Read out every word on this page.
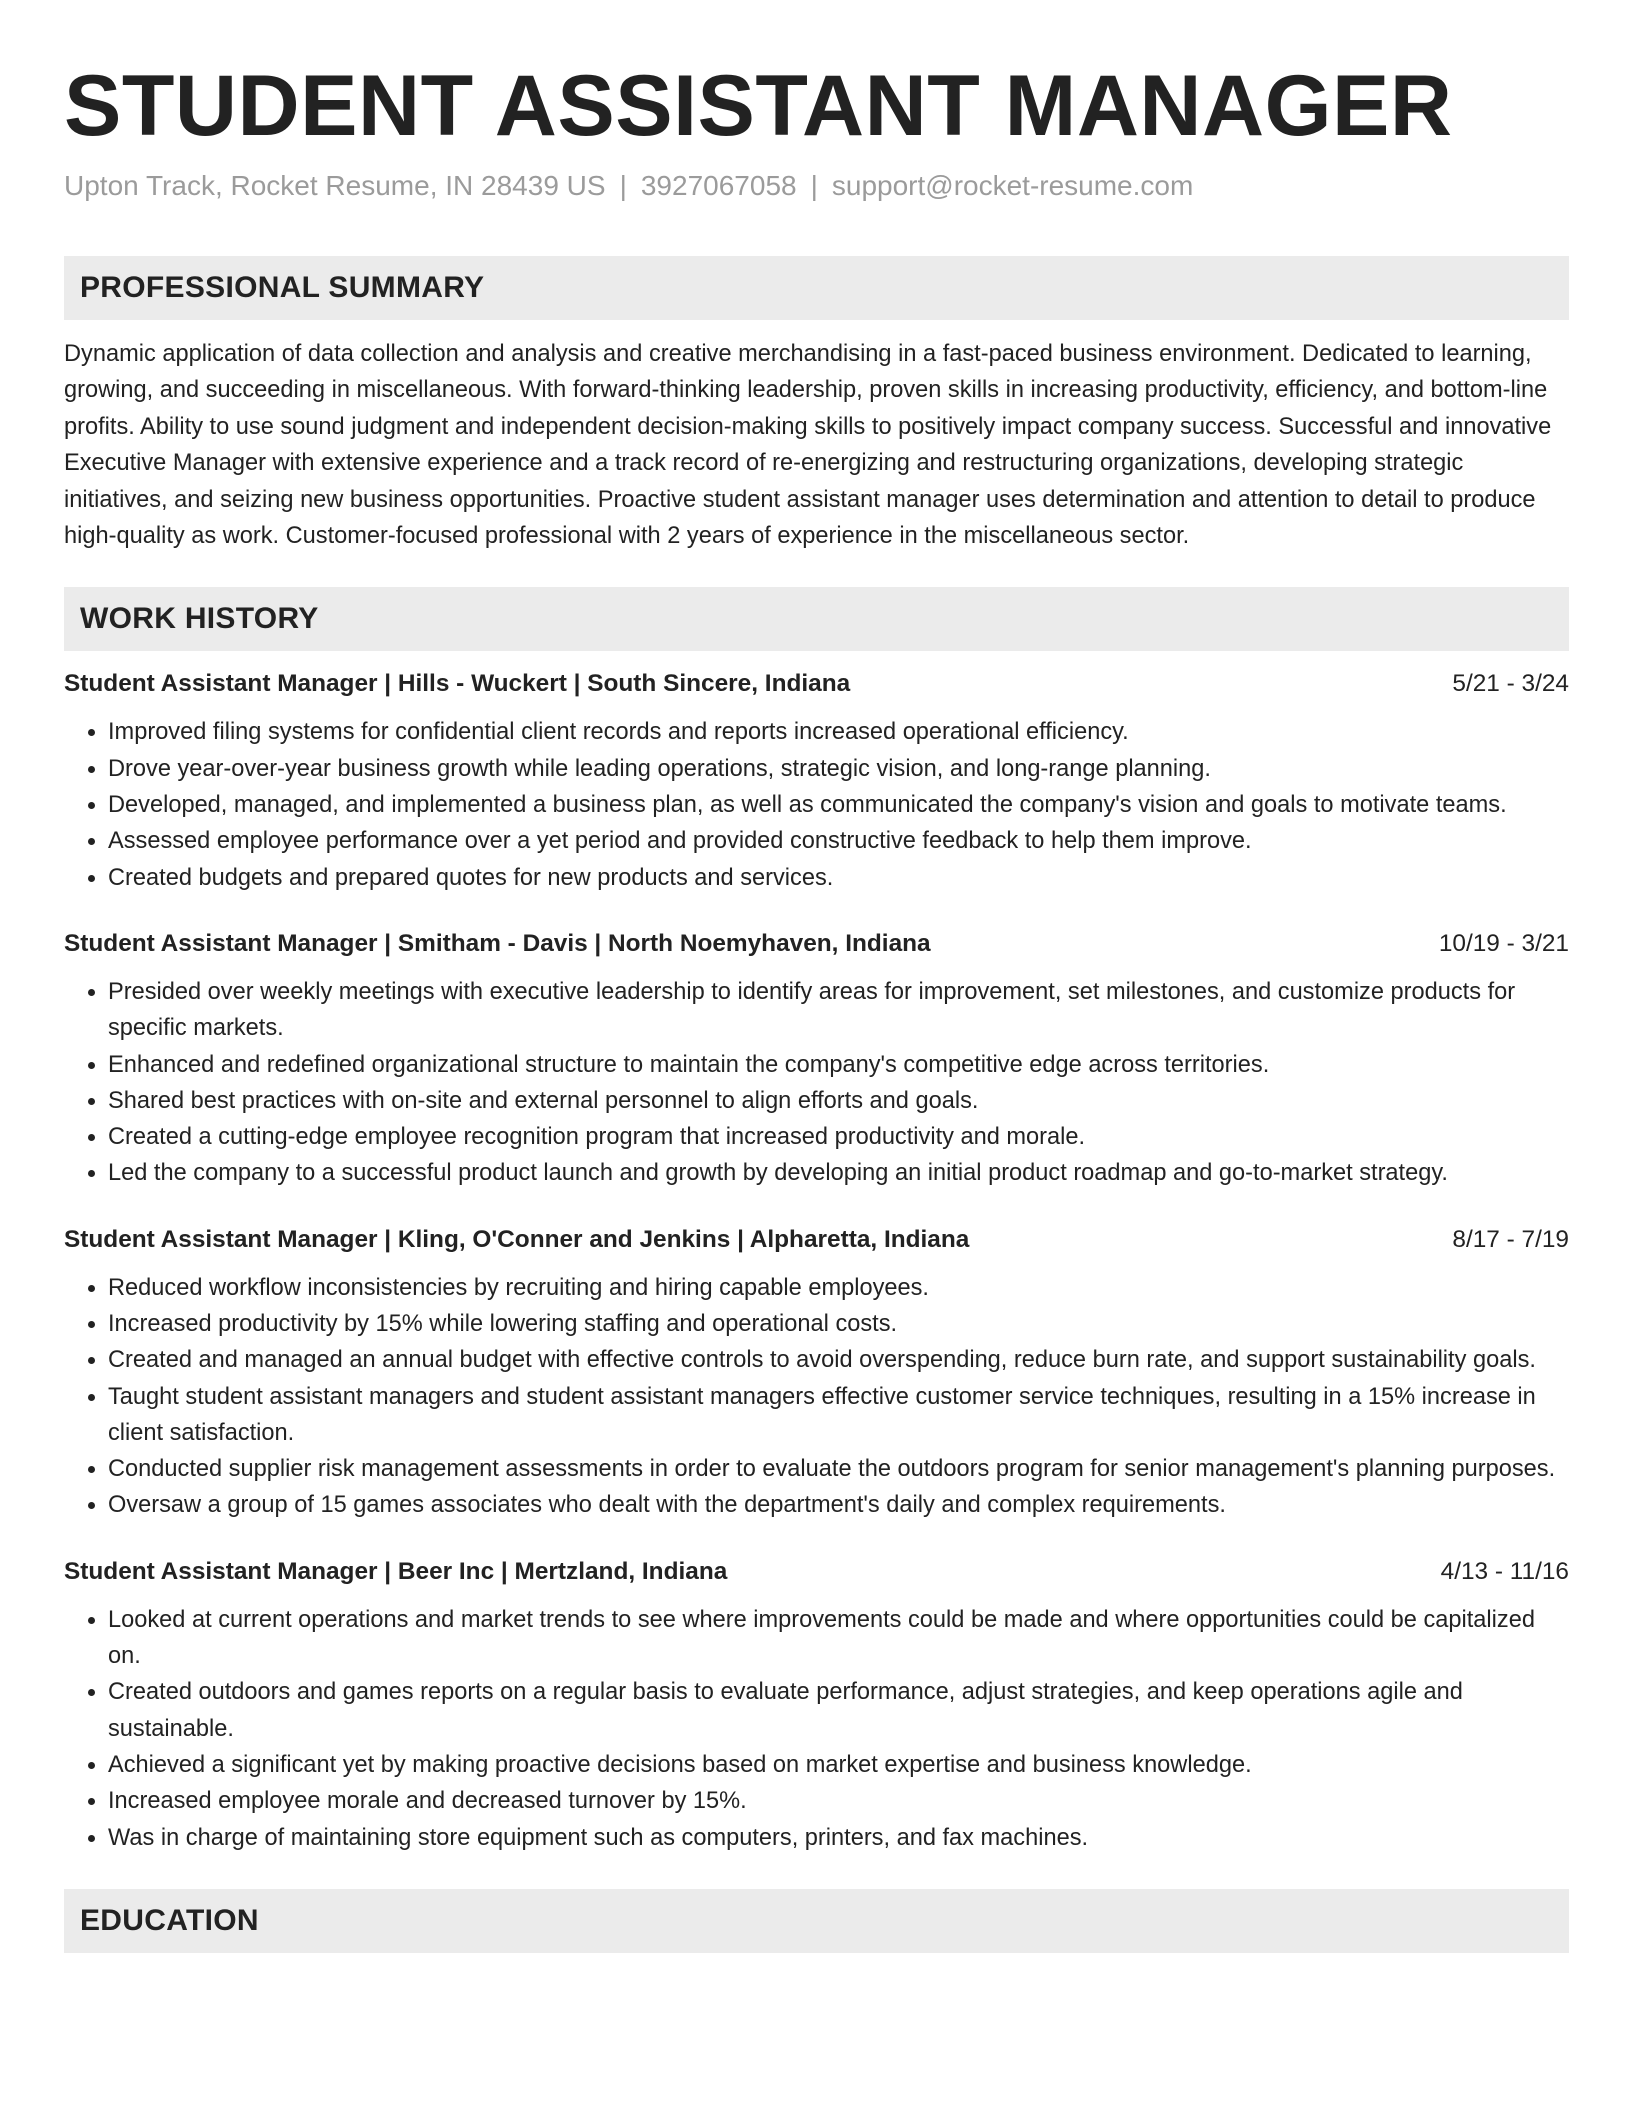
STUDENT ASSISTANT MANAGER
Upton Track, Rocket Resume, IN 28439 US | 3927067058 | support@rocket-resume.com
PROFESSIONAL SUMMARY
Dynamic application of data collection and analysis and creative merchandising in a fast-paced business environment. Dedicated to learning, growing, and succeeding in miscellaneous. With forward-thinking leadership, proven skills in increasing productivity, efficiency, and bottom-line profits. Ability to use sound judgment and independent decision-making skills to positively impact company success. Successful and innovative Executive Manager with extensive experience and a track record of re-energizing and restructuring organizations, developing strategic initiatives, and seizing new business opportunities. Proactive student assistant manager uses determination and attention to detail to produce high-quality as work. Customer-focused professional with 2 years of experience in the miscellaneous sector.
WORK HISTORY
Student Assistant Manager | Hills - Wuckert | South Sincere, Indiana	5/21 - 3/24
• Improved filing systems for confidential client records and reports increased operational efficiency.
• Drove year-over-year business growth while leading operations, strategic vision, and long-range planning.
• Developed, managed, and implemented a business plan, as well as communicated the company's vision and goals to motivate teams.
• Assessed employee performance over a yet period and provided constructive feedback to help them improve.
• Created budgets and prepared quotes for new products and services.
Student Assistant Manager | Smitham - Davis | North Noemyhaven, Indiana	10/19 - 3/21
• Presided over weekly meetings with executive leadership to identify areas for improvement, set milestones, and customize products for specific markets.
• Enhanced and redefined organizational structure to maintain the company's competitive edge across territories.
• Shared best practices with on-site and external personnel to align efforts and goals.
• Created a cutting-edge employee recognition program that increased productivity and morale.
• Led the company to a successful product launch and growth by developing an initial product roadmap and go-to-market strategy.
Student Assistant Manager | Kling, O'Conner and Jenkins | Alpharetta, Indiana	8/17 - 7/19
• Reduced workflow inconsistencies by recruiting and hiring capable employees.
• Increased productivity by 15% while lowering staffing and operational costs.
• Created and managed an annual budget with effective controls to avoid overspending, reduce burn rate, and support sustainability goals.
• Taught student assistant managers and student assistant managers effective customer service techniques, resulting in a 15% increase in client satisfaction.
• Conducted supplier risk management assessments in order to evaluate the outdoors program for senior management's planning purposes.
• Oversaw a group of 15 games associates who dealt with the department's daily and complex requirements.
Student Assistant Manager | Beer Inc | Mertzland, Indiana	4/13 - 11/16
• Looked at current operations and market trends to see where improvements could be made and where opportunities could be capitalized on.
• Created outdoors and games reports on a regular basis to evaluate performance, adjust strategies, and keep operations agile and sustainable.
• Achieved a significant yet by making proactive decisions based on market expertise and business knowledge.
• Increased employee morale and decreased turnover by 15%.
• Was in charge of maintaining store equipment such as computers, printers, and fax machines.
EDUCATION
